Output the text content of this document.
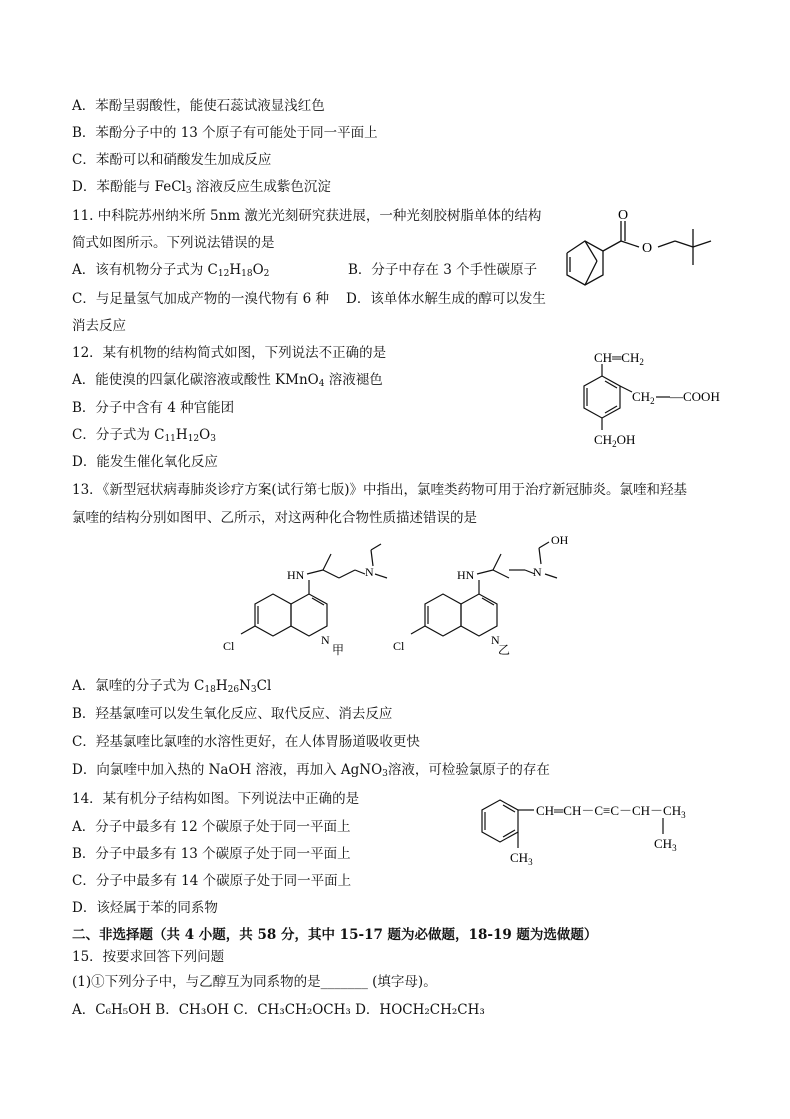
A．苯酚呈弱酸性，能使石蕊试液显浅红色
B．苯酚分子中的 13 个原子有可能处于同一平面上
C．苯酚可以和硝酸发生加成反应
D．苯酚能与 FeCl$_3$ 溶液反应生成紫色沉淀
11. 中科院苏州纳米所 5nm 激光光刻研究获进展，一种光刻胶树脂单体的结构
简式如图所示。下列说法错误的是
A．该有机物分子式为 $C_{12}H_{18}O_2$	B．分子中存在 3 个手性碳原子
C．与足量氢气加成产物的一溴代物有 6 种 D．该单体水解生成的醇可以发生
消去反应
O
O
12．某有机物的结构简式如图，下列说法不正确的是
A．能使溴的四氯化碳溶液或酸性 KMnO$_4$ 溶液褪色
B．分子中含有 4 种官能团
C．分子式为 $C_{11}H_{12}O_3$
D．能发生催化氧化反应
$CH═CH_2$
$CH_2$ —COOH
$CH_2OH$
13．《新型冠状病毒肺炎诊疗方案(试行第七版)》中指出，氯喹类药物可用于治疗新冠肺炎。氯喹和羟基
氯喹的结构分别如图甲、乙所示，对这两种化合物性质描述错误的是
HN	N
N
Cl	甲
HN	N
OH
N
Cl	乙
A．氯喹的分子式为 $C_{18}H_{26}N_3Cl$
B．羟基氯喹可以发生氧化反应、取代反应、消去反应
C．羟基氯喹比氯喹的水溶性更好，在人体胃肠道吸收更快
D．向氯喹中加入热的 NaOH 溶液，再加入 AgNO$_3$溶液，可检验氯原子的存在
14．某有机分子结构如图。下列说法中正确的是
A．分子中最多有 12 个碳原子处于同一平面上
B．分子中最多有 13 个碳原子处于同一平面上
C．分子中最多有 14 个碳原子处于同一平面上
D．该烃属于苯的同系物
$CH═CH-C\equiv C-CH-CH_3$
$CH_3$
$CH_3$
二、非选择题（共 4 小题，共 58 分，其中 15-17 题为必做题，18-19 题为选做题）
15．按要求回答下列问题
(1)①下列分子中，与乙醇互为同系物的是_______ (填字母)。
A．C₆H₅OH B．CH₃OH C．CH₃CH₂OCH₃ D．HOCH₂CH₂CH₃
